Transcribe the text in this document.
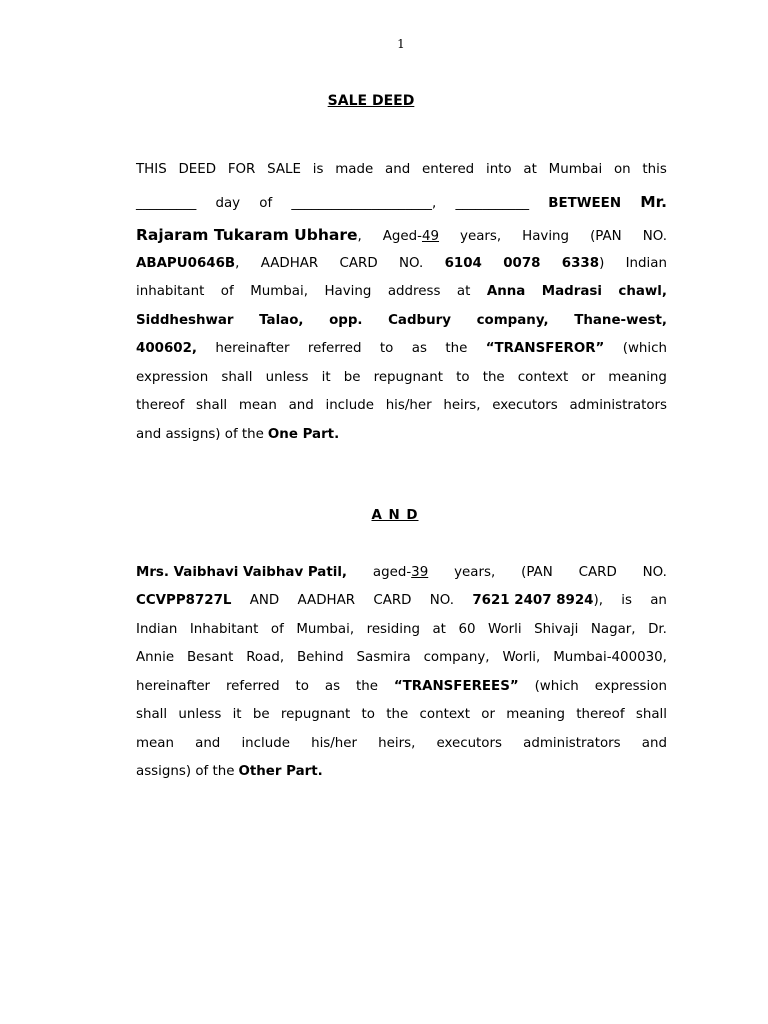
1
SALE DEED
THIS DEED FOR SALE is made and entered into at Mumbai on this
_________ day of _____________________, ___________ BETWEEN Mr.
Rajaram Tukaram Ubhare, Aged-49 years, Having (PAN NO.
ABAPU0646B, AADHAR CARD NO. 6104 0078 6338) Indian
inhabitant of Mumbai, Having address at Anna Madrasi chawl,
Siddheshwar Talao, opp. Cadbury company, Thane-west,
400602, hereinafter referred to as the “TRANSFEROR” (which
expression shall unless it be repugnant to the context or meaning
thereof shall mean and include his/her heirs, executors administrators
and assigns) of the One Part.
A N D
Mrs. Vaibhavi Vaibhav Patil, aged-39 years, (PAN CARD NO.
CCVPP8727L AND AADHAR CARD NO. 7621 2407 8924), is an
Indian Inhabitant of Mumbai, residing at 60 Worli Shivaji Nagar, Dr.
Annie Besant Road, Behind Sasmira company, Worli, Mumbai-400030,
hereinafter referred to as the “TRANSFEREES” (which expression
shall unless it be repugnant to the context or meaning thereof shall
mean and include his/her heirs, executors administrators and
assigns) of the Other Part.
